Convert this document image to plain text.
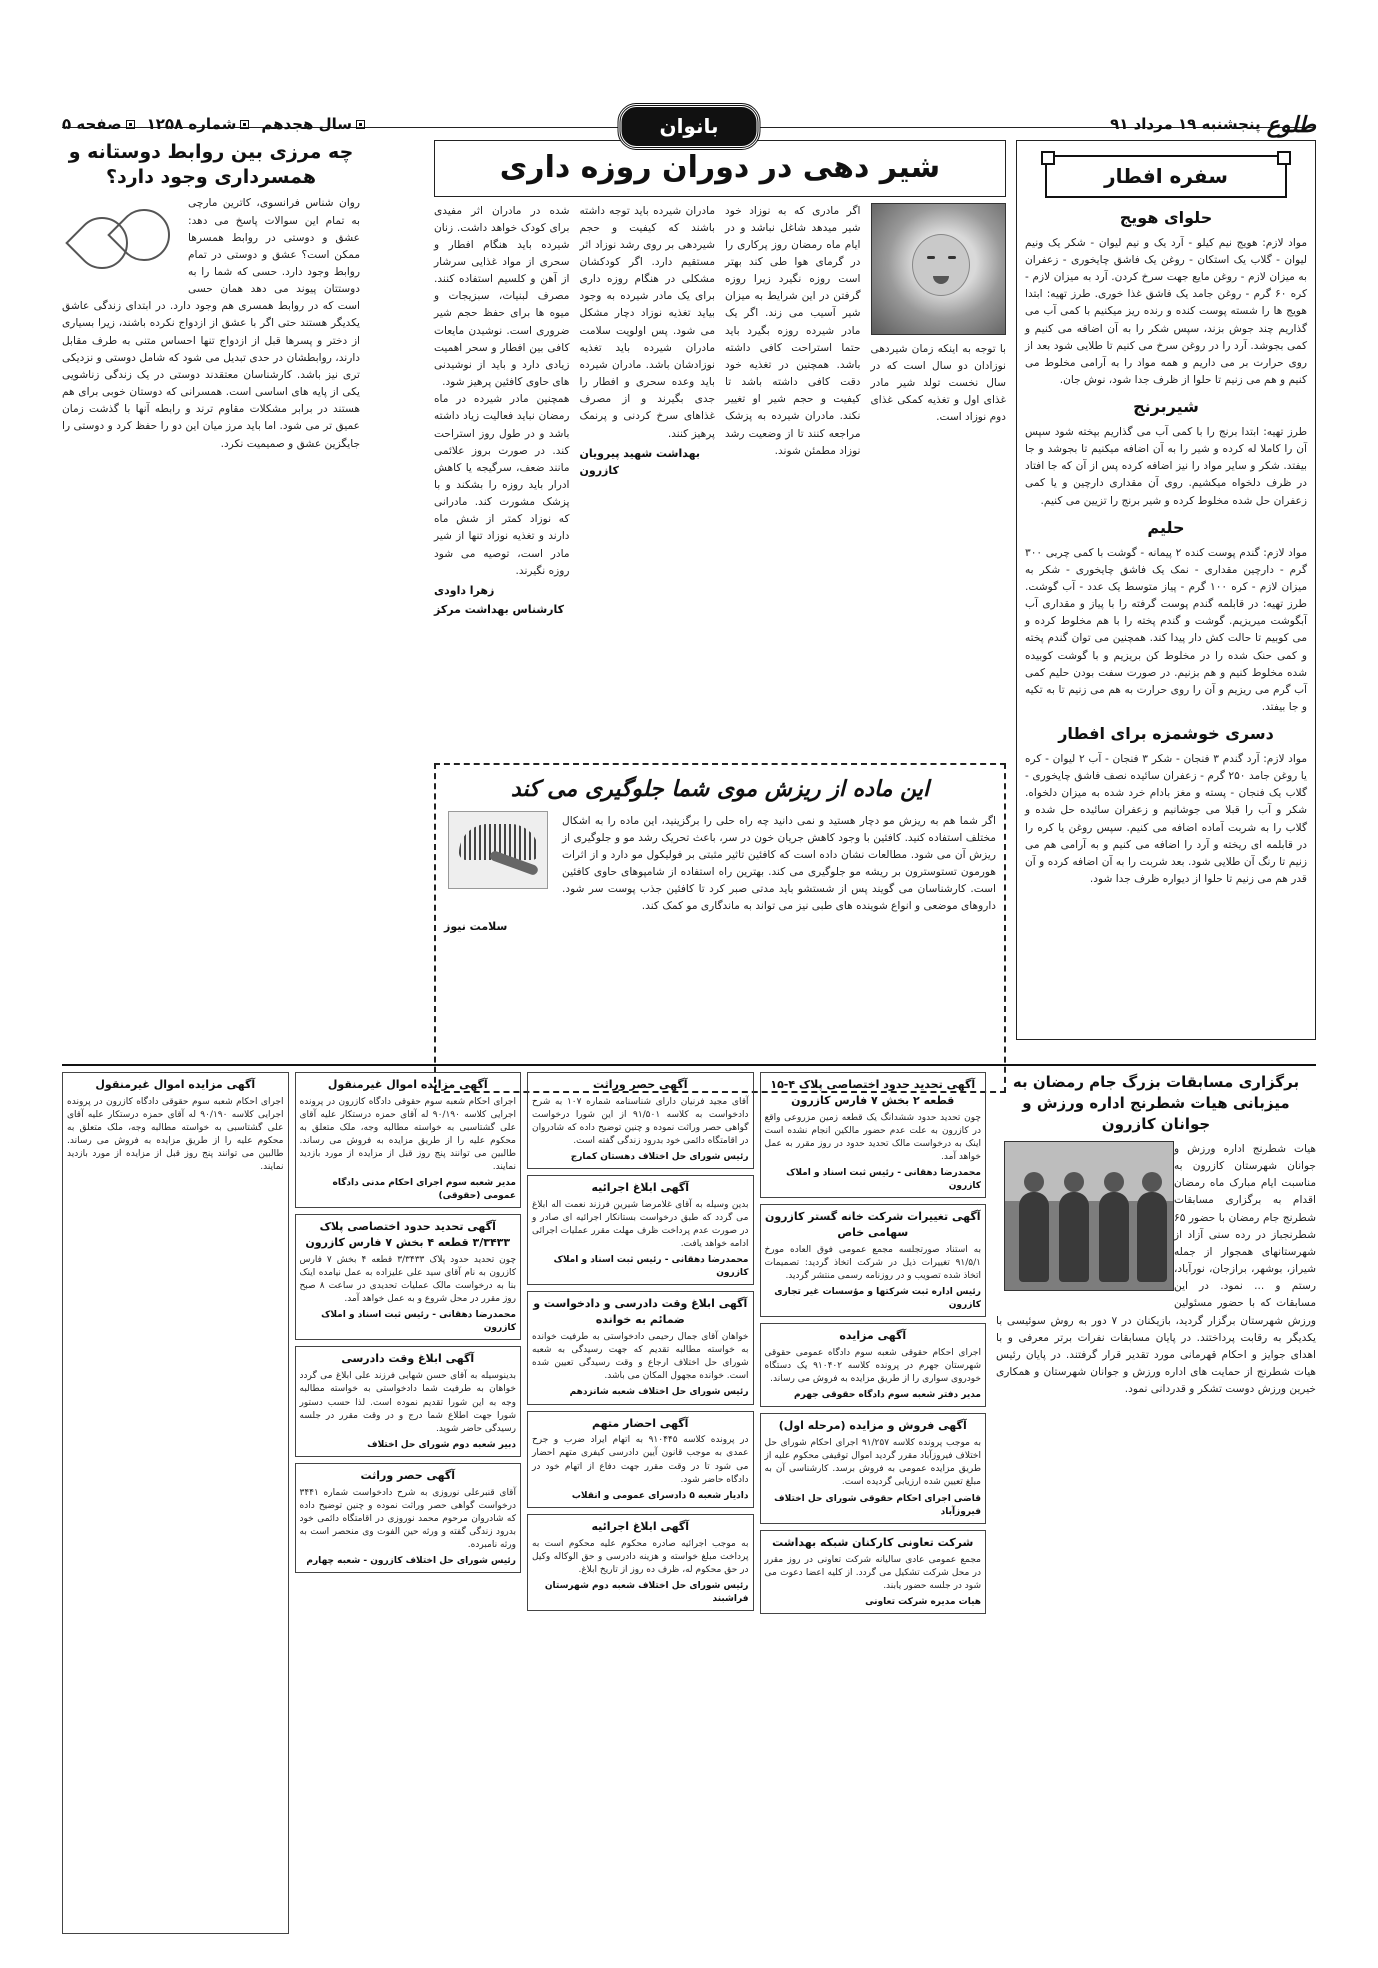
طلوع
پنجشنبه ۱۹ مرداد ۹۱
سال هجدهم
شماره ۱۲۵۸
صفحه ۵	بانوان
سفره افطار
حلوای هویج

مواد لازم: هویج نیم کیلو - آرد یک و نیم لیوان - شکر یک ونیم لیوان - گلاب یک استکان - روغن یک فاشق چایخوری - زعفران به میزان لازم - روغن مایع جهت سرخ کردن. آرد به میزان لازم - کره ۶۰ گرم - روغن جامد یک فاشق غذا خوری. طرز تهیه: ابتدا هویج ها را شسته پوست کنده و رنده ریز میکنیم با کمی آب می گذاریم چند جوش بزند، سپس شکر را به آن اضافه می کنیم و کمی بجوشد. آرد را در روغن سرخ می کنیم تا طلایی شود بعد از روی حرارت بر می داریم و همه مواد را به آرامی مخلوط می کنیم و هم می زنیم تا حلوا از ظرف جدا شود، نوش جان.

شیربرنج

طرز تهیه: ابتدا برنج را با کمی آب می گذاریم بپخته شود سپس آن را کاملا له کرده و شیر را به آن اضافه میکنیم تا بجوشد و جا بیفتد. شکر و سایر مواد را نیز اضافه کرده پس از آن که جا افتاد در ظرف دلخواه میکشیم. روی آن مقداری دارچین و یا کمی زعفران حل شده مخلوط کرده و شیر برنج را تزیین می کنیم.

حلیم

مواد لازم: گندم پوست کنده ۲ پیمانه - گوشت با کمی چربی ۳۰۰ گرم - دارچین مقداری - نمک یک فاشق چایخوری - شکر به میزان لازم - کره ۱۰۰ گرم - پیاز متوسط یک عدد - آب گوشت. طرز تهیه: در قابلمه گندم پوست گرفته را با پیاز و مقداری آب آبگوشت میریزیم. گوشت و گندم پخته را با هم مخلوط کرده و می کوبیم تا حالت کش دار پیدا کند. همچنین می توان گندم پخته و کمی حنک شده را در مخلوط کن بریزیم و با گوشت کوبیده شده مخلوط کنیم و هم بزنیم. در صورت سفت بودن حلیم کمی آب گرم می ریزیم و آن را روی حرارت به هم می زنیم تا به تکیه و جا بیفتد.

دسری خوشمزه برای افطار

مواد لازم: آرد گندم ۳ فنجان - شکر ۳ فنجان - آب ۲ لیوان - کره یا روغن جامد ۲۵۰ گرم - زعفران سائیده نصف فاشق چایخوری - گلاب یک فنجان - پسته و مغز بادام خرد شده به میزان دلخواه. شکر و آب را قبلا می جوشانیم و زعفران سائیده حل شده و گلاب را به شربت آماده اضافه می کنیم. سپس روغن یا کره را در قابلمه ای ریخته و آرد را اضافه می کنیم و به آرامی هم می زنیم تا رنگ آن طلایی شود. بعد شربت را به آن اضافه کرده و آن قدر هم می زنیم تا حلوا از دیواره ظرف جدا شود.

شیر دهی در دوران روزه داری

با توجه به اینکه زمان شیردهی نوزادان دو سال است که در سال نخست تولد شیر مادر غذای اول و تغذیه کمکی غذای دوم نوزاد است.

اگر مادری که به نوزاد خود شیر میدهد شاغل نباشد و در ایام ماه رمضان روز پرکاری را در گرمای هوا طی کند بهتر است روزه نگیرد زیرا روزه گرفتن در این شرایط به میزان شیر آسیب می زند. اگر یک مادر شیرده روزه بگیرد باید حتما استراحت کافی داشته باشد. همچنین در تغذیه خود دقت کافی داشته باشد تا کیفیت و حجم شیر او تغییر نکند. مادران شیرده به پزشک مراجعه کنند تا از وضعیت رشد نوزاد مطمئن شوند.

مادران شیرده باید توجه داشته باشند که کیفیت و حجم شیردهی بر روی رشد نوزاد اثر مستقیم دارد. اگر کودکشان مشکلی در هنگام روزه داری برای یک مادر شیرده به وجود بیاید تغذیه نوزاد دچار مشکل می شود. پس اولویت سلامت مادران شیرده باید تغذیه نوزادشان باشد. مادران شیرده باید وعده سحری و افطار را جدی بگیرند و از مصرف غذاهای سرخ کردنی و پرنمک پرهیز کنند.

بهداشت شهید پیرویان کازرون

شده در مادران اثر مفیدی برای کودک خواهد داشت. زنان شیرده باید هنگام افطار و سحری از مواد غذایی سرشار از آهن و کلسیم استفاده کنند. مصرف لبنیات، سبزیجات و میوه ها برای حفظ حجم شیر ضروری است. نوشیدن مایعات کافی بین افطار و سحر اهمیت زیادی دارد و باید از نوشیدنی های حاوی کافئین پرهیز شود.

همچنین مادر شیرده در ماه رمضان نباید فعالیت زیاد داشته باشد و در طول روز استراحت کند. در صورت بروز علائمی مانند ضعف، سرگیجه یا کاهش ادرار باید روزه را بشکند و با پزشک مشورت کند. مادرانی که نوزاد کمتر از شش ماه دارند و تغذیه نوزاد تنها از شیر مادر است، توصیه می شود روزه نگیرند.

زهرا داودی
کارشناس بهداشت مرکز
این ماده از ریزش موی شما جلوگیری می کند

اگر شما هم به ریزش مو دچار هستید و نمی دانید چه راه حلی را برگزینید، این ماده را به اشکال مختلف استفاده کنید. کافئین با وجود کاهش جریان خون در سر، باعث تحریک رشد مو و جلوگیری از ریزش آن می شود. مطالعات نشان داده است که کافئین تاثیر مثبتی بر فولیکول مو دارد و از اثرات هورمون تستوسترون بر ریشه مو جلوگیری می کند. بهترین راه استفاده از شامپوهای حاوی کافئین است. کارشناسان می گویند پس از شستشو باید مدتی صبر کرد تا کافئین جذب پوست سر شود. داروهای موضعی و انواع شوینده های طبی نیز می تواند به ماندگاری مو کمک کند.

سلامت نیوز
چه مرزی بین روابط دوستانه و همسرداری وجود دارد؟

روان شناس فرانسوی، کاترین مارچی به تمام این سوالات پاسخ می دهد: عشق و دوستی در روابط همسرها ممکن است؟ عشق و دوستی در تمام روابط وجود دارد. حسی که شما را به دوستتان پیوند می دهد همان حسی است که در روابط همسری هم وجود دارد. در ابتدای زندگی عاشق یکدیگر هستند حتی اگر با عشق از ازدواج نکرده باشند، زیرا بسیاری از دختر و پسرها قبل از ازدواج تنها احساس متنی به طرف مقابل دارند، روابطشان در حدی تبدیل می شود که شامل دوستی و نزدیکی تری نیز باشد. کارشناسان معتقدند دوستی در یک زندگی زناشویی یکی از پایه های اساسی است. همسرانی که دوستان خوبی برای هم هستند در برابر مشکلات مقاوم ترند و رابطه آنها با گذشت زمان عمیق تر می شود. اما باید مرز میان این دو را حفظ کرد و دوستی را جایگزین عشق و صمیمیت نکرد.

برگزاری مسابقات بزرگ جام رمضان به میزبانی هیات شطرنج اداره ورزش و جوانان کازرون

هیات شطرنج اداره ورزش و جوانان شهرستان کازرون به مناسبت ایام مبارک ماه رمضان اقدام به برگزاری مسابقات شطرنج جام رمضان با حضور ۶۵ شطرنجباز در رده سنی آزاد از شهرستانهای همجوار از جمله شیراز، بوشهر، برازجان، نورآباد، رستم و ... نمود. در این مسابقات که با حضور مسئولین ورزش شهرستان برگزار گردید، بازیکنان در ۷ دور به روش سوئیسی با یکدیگر به رقابت پرداختند. در پایان مسابقات نفرات برتر معرفی و با اهدای جوایز و احکام قهرمانی مورد تقدیر قرار گرفتند. در پایان رئیس هیات شطرنج از حمایت های اداره ورزش و جوانان شهرستان و همکاری خیرین ورزش دوست تشکر و قدردانی نمود.

آگهی تحدید حدود اختصاصی پلاک ۴-۱۵ قطعه ۲ بخش ۷ فارس کازرون

چون تحدید حدود ششدانگ یک قطعه زمین مزروعی واقع در کازرون به علت عدم حضور مالکین انجام نشده است اینک به درخواست مالک تحدید حدود در روز مقرر به عمل خواهد آمد.

محمدرضا دهقانی - رئیس ثبت اسناد و املاک کازرون
آگهی تغییرات شرکت خانه گستر کازرون سهامی خاص

به استناد صورتجلسه مجمع عمومی فوق العاده مورخ ۹۱/۵/۱ تغییرات ذیل در شرکت اتخاذ گردید: تصمیمات اتخاذ شده تصویب و در روزنامه رسمی منتشر گردید.

رئیس اداره ثبت شرکتها و مؤسسات غیر تجاری کازرون
آگهی مزایده

اجرای احکام حقوقی شعبه سوم دادگاه عمومی حقوقی شهرستان جهرم در پرونده کلاسه ۹۱۰۴۰۲ یک دستگاه خودروی سواری را از طریق مزایده به فروش می رساند.

مدیر دفتر شعبه سوم دادگاه حقوقی جهرم
آگهی فروش و مزایده (مرحله اول)

به موجب پرونده کلاسه ۹۱/۲۵۷ اجرای احکام شورای حل اختلاف فیروزآباد مقرر گردید اموال توقیفی محکوم علیه از طریق مزایده عمومی به فروش برسد. کارشناسی آن به مبلغ تعیین شده ارزیابی گردیده است.

قاضی اجرای احکام حقوقی شورای حل اختلاف فیروزآباد
شرکت تعاونی کارکنان شبکه بهداشت

مجمع عمومی عادی سالیانه شرکت تعاونی در روز مقرر در محل شرکت تشکیل می گردد. از کلیه اعضا دعوت می شود در جلسه حضور یابند.

هیات مدیره شرکت تعاونی
آگهی حصر وراثت

آقای مجید فرنیان دارای شناسنامه شماره ۱۰۷ به شرح دادخواست به کلاسه ۹۱/۵۰۱ از این شورا درخواست گواهی حصر وراثت نموده و چنین توضیح داده که شادروان در اقامتگاه دائمی خود بدرود زندگی گفته است.

رئیس شورای حل اختلاف دهستان کمارج
آگهی ابلاغ اجرائیه

بدین وسیله به آقای غلامرضا شیرین فرزند نعمت اله ابلاغ می گردد که طبق درخواست بستانکار اجرائیه ای صادر و در صورت عدم پرداخت ظرف مهلت مقرر عملیات اجرائی ادامه خواهد یافت.

محمدرضا دهقانی - رئیس ثبت اسناد و املاک کازرون
آگهی ابلاغ وقت دادرسی و دادخواست و ضمائم به خوانده

خواهان آقای جمال رحیمی دادخواستی به طرفیت خوانده به خواسته مطالبه تقدیم که جهت رسیدگی به شعبه شورای حل اختلاف ارجاع و وقت رسیدگی تعیین شده است. خوانده مجهول المکان می باشد.

رئیس شورای حل اختلاف شعبه شانزدهم
آگهی احضار متهم

در پرونده کلاسه ۹۱۰۴۴۵ به اتهام ایراد ضرب و جرح عمدی به موجب قانون آیین دادرسی کیفری متهم احضار می شود تا در وقت مقرر جهت دفاع از اتهام خود در دادگاه حاضر شود.

دادیار شعبه ۵ دادسرای عمومی و انقلاب
آگهی ابلاغ اجرائیه

به موجب اجرائیه صادره محکوم علیه محکوم است به پرداخت مبلغ خواسته و هزینه دادرسی و حق الوکاله وکیل در حق محکوم له، ظرف ده روز از تاریخ ابلاغ.

رئیس شورای حل اختلاف شعبه دوم شهرستان فراشبند
آگهی مزایده اموال غیرمنقول

اجرای احکام شعبه سوم حقوقی دادگاه کازرون در پرونده اجرایی کلاسه ۹۰/۱۹۰ له آقای حمزه درستکار علیه آقای علی گشتاسبی به خواسته مطالبه وجه، ملک متعلق به محکوم علیه را از طریق مزایده به فروش می رساند. طالبین می توانند پنج روز قبل از مزایده از مورد بازدید نمایند.

مدیر شعبه سوم اجرای احکام مدنی دادگاه عمومی (حقوقی)
آگهی تحدید حدود اختصاصی پلاک ۳/۳۴۳۳ قطعه ۴ بخش ۷ فارس کازرون

چون تحدید حدود پلاک ۳/۳۴۳۳ قطعه ۴ بخش ۷ فارس کازرون به نام آقای سید علی علیزاده به عمل نیامده اینک بنا به درخواست مالک عملیات تحدیدی در ساعت ۸ صبح روز مقرر در محل شروع و به عمل خواهد آمد.

محمدرضا دهقانی - رئیس ثبت اسناد و املاک کازرون
آگهی ابلاغ وقت دادرسی

بدینوسیله به آقای حسن شهابی فرزند علی ابلاغ می گردد خواهان به طرفیت شما دادخواستی به خواسته مطالبه وجه به این شورا تقدیم نموده است. لذا حسب دستور شورا جهت اطلاع شما درج و در وقت مقرر در جلسه رسیدگی حاضر شوید.

دبیر شعبه دوم شورای حل اختلاف
آگهی حصر وراثت

آقای قنبرعلی نوروزی به شرح دادخواست شماره ۳۴۴۱ درخواست گواهی حصر وراثت نموده و چنین توضیح داده که شادروان مرحوم محمد نوروزی در اقامتگاه دائمی خود بدرود زندگی گفته و ورثه حین الفوت وی منحصر است به ورثه نامبرده.

رئیس شورای حل اختلاف کازرون - شعبه چهارم
آگهی مزایده اموال غیرمنقول

اجرای احکام شعبه سوم حقوقی دادگاه کازرون در پرونده اجرایی کلاسه ۹۰/۱۹۰ له آقای حمزه درستکار علیه آقای علی گشتاسبی به خواسته مطالبه وجه، ملک متعلق به محکوم علیه را از طریق مزایده به فروش می رساند. طالبین می توانند پنج روز قبل از مزایده از مورد بازدید نمایند.
